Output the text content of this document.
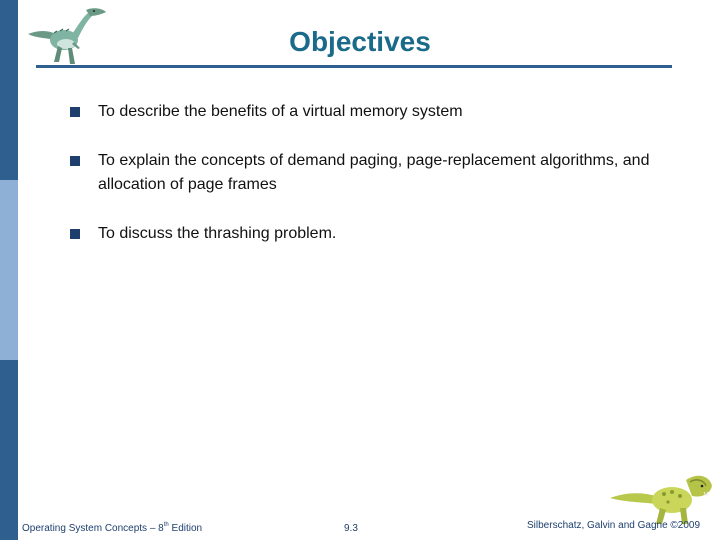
Objectives
To describe the benefits of a virtual memory system
To explain the concepts of demand paging, page-replacement algorithms, and allocation of page frames
To discuss the thrashing problem.
Operating System Concepts – 8th Edition	9.3	Silberschatz, Galvin and Gagne ©2009
